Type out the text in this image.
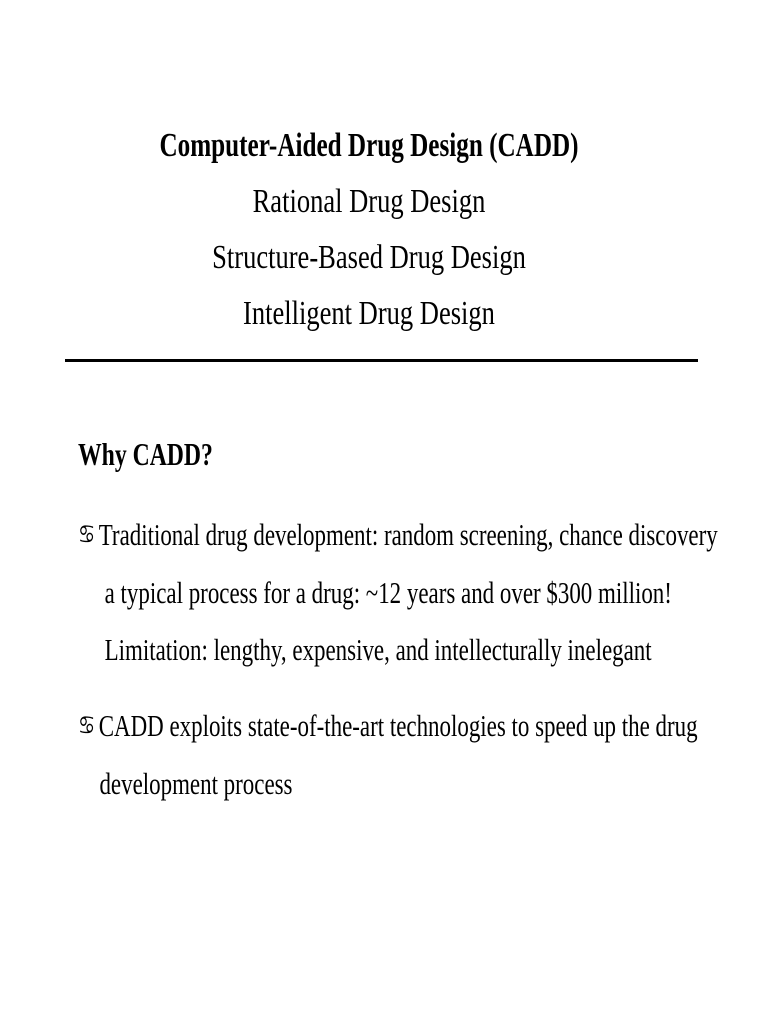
Computer-Aided Drug Design (CADD)
Rational Drug Design
Structure-Based Drug Design
Intelligent Drug Design
Why CADD?
♋ Traditional drug development: random screening, chance discovery
a typical process for a drug: ~12 years and over $300 million!
Limitation: lengthy, expensive, and intellecturally inelegant
♋ CADD exploits state-of-the-art technologies to speed up the drug
development process
